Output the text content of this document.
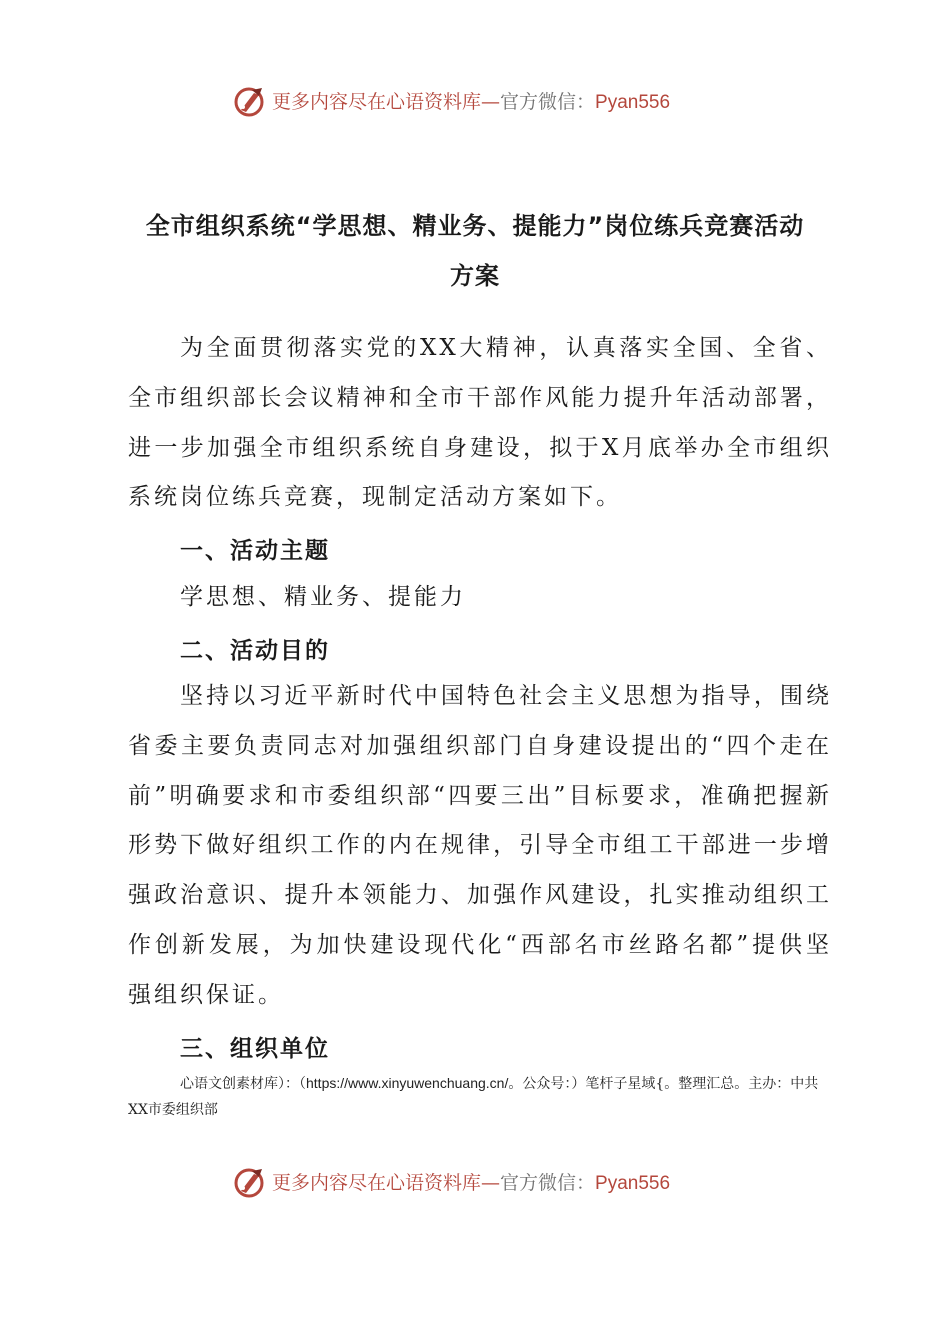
更多内容尽在心语资料库—官方微信：Pyan556
全市组织系统“学思想、精业务、提能力”岗位练兵竞赛活动
方案

为全面贯彻落实党的XX大精神，认真落实全国、全省、全市组织部长会议精神和全市干部作风能力提升年活动部署，进一步加强全市组织系统自身建设，拟于X月底举办全市组织系统岗位练兵竞赛，现制定活动方案如下。

一、活动主题

学思想、精业务、提能力

二、活动目的

坚持以习近平新时代中国特色社会主义思想为指导，围绕省委主要负责同志对加强组织部门自身建设提出的“四个走在前”明确要求和市委组织部“四要三出”目标要求，准确把握新形势下做好组织工作的内在规律，引导全市组工干部进一步增强政治意识、提升本领能力、加强作风建设，扎实推动组织工作创新发展，为加快建设现代化“西部名市丝路名都”提供坚强组织保证。

三、组织单位

心语文创素材库）：（https://www.xinyuwenchuang.cn/。公众号：）笔杆子星域{。整理汇总。主办：中共XX市委组织部

更多内容尽在心语资料库—官方微信：Pyan556
